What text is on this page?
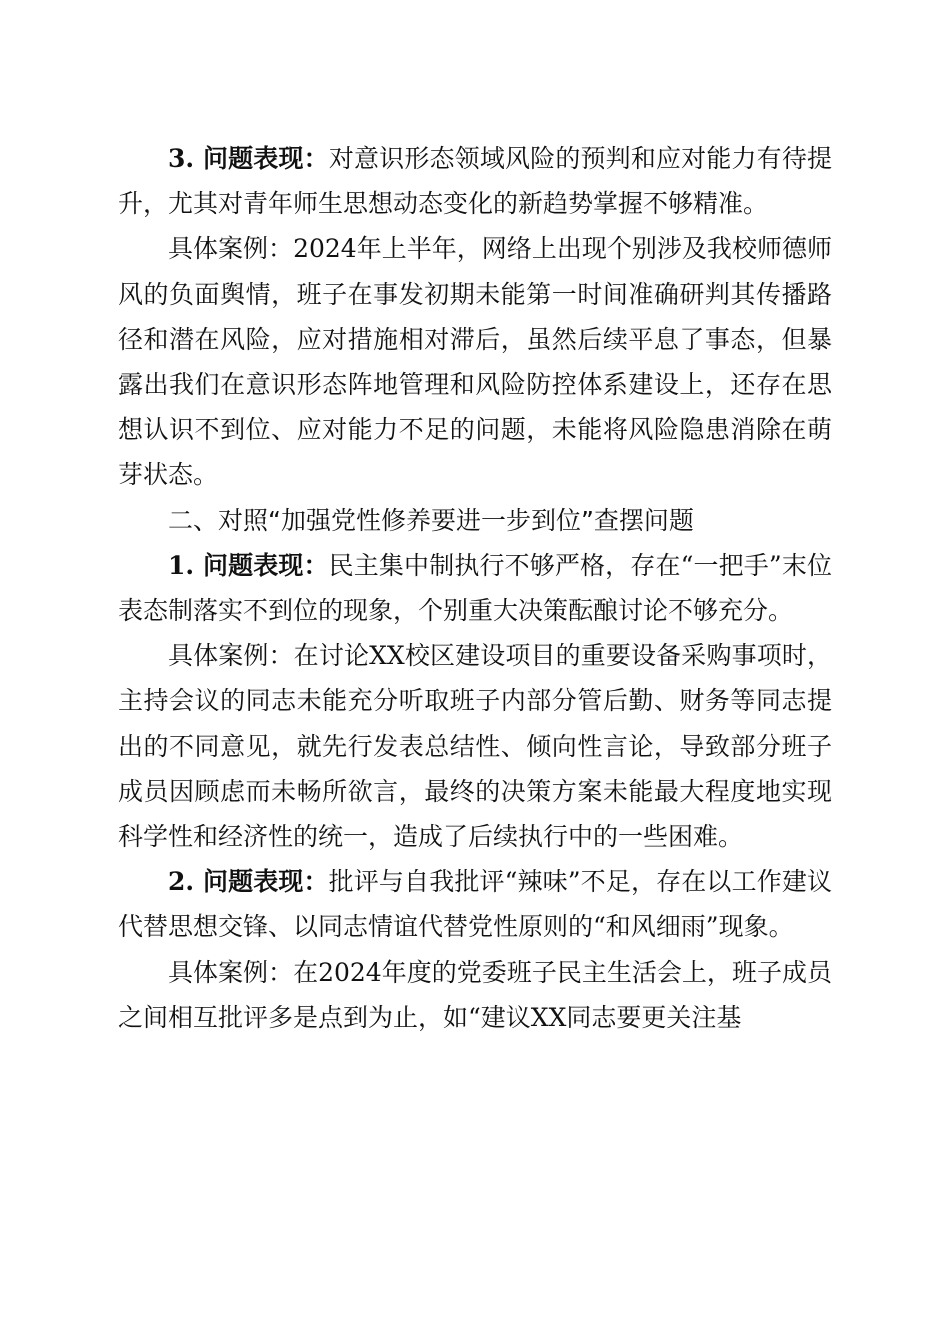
3. 问题表现：对意识形态领域风险的预判和应对能力有待提升，尤其对青年师生思想动态变化的新趋势掌握不够精准。

具体案例：2024年上半年，网络上出现个别涉及我校师德师风的负面舆情，班子在事发初期未能第一时间准确研判其传播路径和潜在风险，应对措施相对滞后，虽然后续平息了事态，但暴露出我们在意识形态阵地管理和风险防控体系建设上，还存在思想认识不到位、应对能力不足的问题，未能将风险隐患消除在萌芽状态。

二、对照“加强党性修养要进一步到位”查摆问题

1. 问题表现：民主集中制执行不够严格，存在“一把手”末位表态制落实不到位的现象，个别重大决策酝酿讨论不够充分。

具体案例：在讨论XX校区建设项目的重要设备采购事项时，主持会议的同志未能充分听取班子内部分管后勤、财务等同志提出的不同意见，就先行发表总结性、倾向性言论，导致部分班子成员因顾虑而未畅所欲言，最终的决策方案未能最大程度地实现科学性和经济性的统一，造成了后续执行中的一些困难。

2. 问题表现：批评与自我批评“辣味”不足，存在以工作建议代替思想交锋、以同志情谊代替党性原则的“和风细雨”现象。

具体案例：在2024年度的党委班子民主生活会上，班子成员之间相互批评多是点到为止，如“建议XX同志要更关注基
